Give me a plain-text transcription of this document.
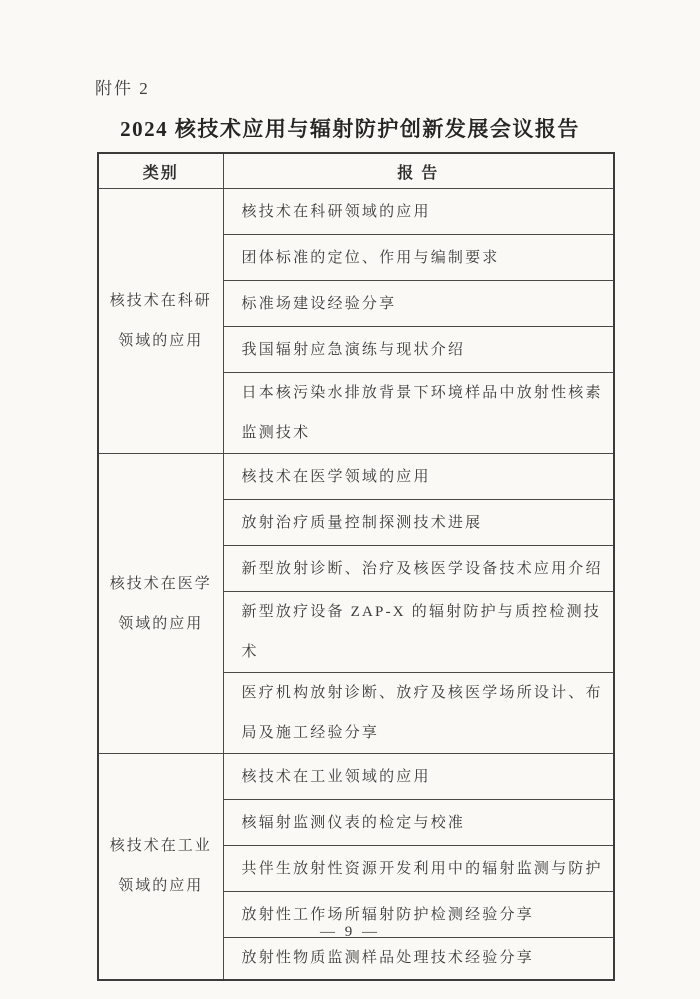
附件 2
2024 核技术应用与辐射防护创新发展会议报告
类别	报 告

核技术在科研
领域的应用	核技术在科研领域的应用
	团体标准的定位、作用与编制要求
	标准场建设经验分享
	我国辐射应急演练与现状介绍
	日本核污染水排放背景下环境样品中放射性核素监测技术

核技术在医学
领域的应用	核技术在医学领域的应用
	放射治疗质量控制探测技术进展
	新型放射诊断、治疗及核医学设备技术应用介绍
	新型放疗设备 ZAP-X 的辐射防护与质控检测技术
	医疗机构放射诊断、放疗及核医学场所设计、布局及施工经验分享

核技术在工业
领域的应用	核技术在工业领域的应用
	核辐射监测仪表的检定与校准
	共伴生放射性资源开发利用中的辐射监测与防护
	放射性工作场所辐射防护检测经验分享
	放射性物质监测样品处理技术经验分享
— 9 —
